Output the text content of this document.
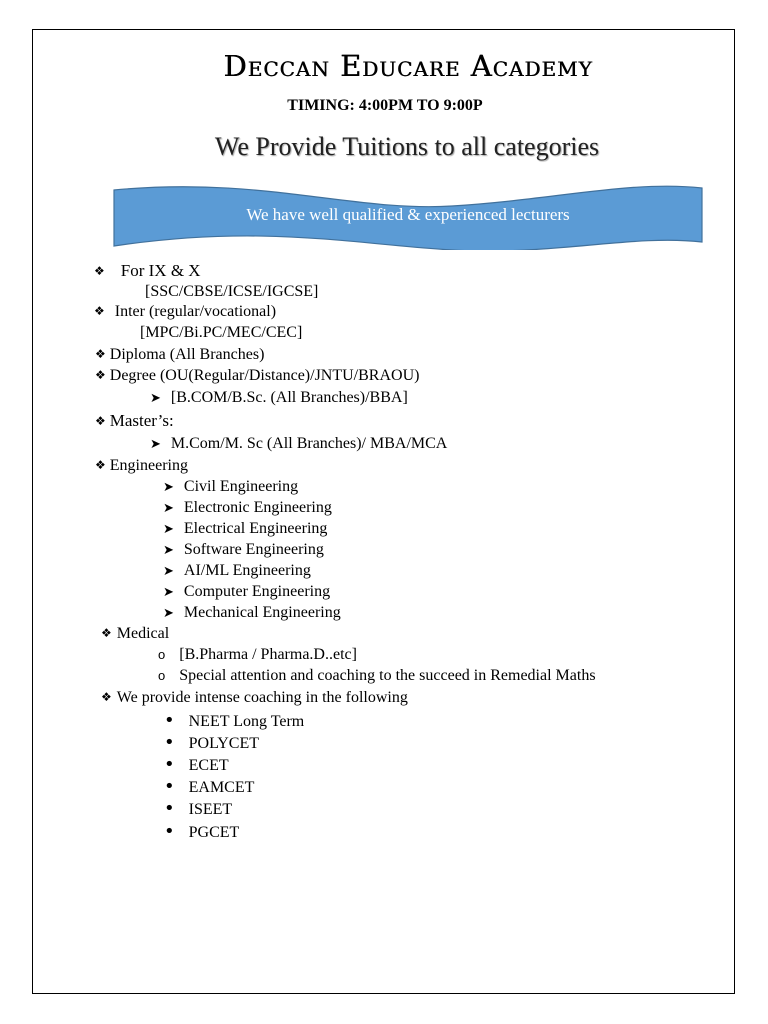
Deccan Educare Academy
TIMING: 4:00PM TO 9:00P
We Provide Tuitions to all categories
We have well qualified & experienced lecturers
❖ For IX & X
[SSC/CBSE/ICSE/IGCSE]
❖ Inter (regular/vocational)
[MPC/Bi.PC/MEC/CEC]
❖ Diploma (All Branches)
❖ Degree (OU(Regular/Distance)/JNTU/BRAOU)
➤ [B.COM/B.Sc. (All Branches)/BBA]
❖ Master’s:
➤ M.Com/M. Sc (All Branches)/ MBA/MCA
❖ Engineering
➤ Civil Engineering
➤ Electronic Engineering
➤ Electrical Engineering
➤ Software Engineering
➤ AI/ML Engineering
➤ Computer Engineering
➤ Mechanical Engineering
❖ Medical
o [B.Pharma / Pharma.D..etc]
o Special attention and coaching to the succeed in Remedial Maths
❖ We provide intense coaching in the following
• NEET Long Term
• POLYCET
• ECET
• EAMCET
• ISEET
• PGCET
